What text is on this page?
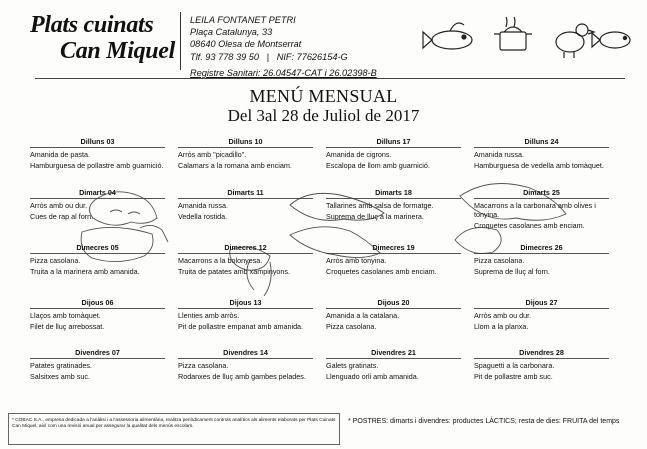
Plats cuinats
Can Miquel
LEILA FONTANET PETRI
Plaça Catalunya, 33
08640 Olesa de Montserrat
Tlf. 93 778 39 50 | NIF: 77626154-G
Registre Sanitari: 26.04547-CAT i 26.02398-B
MENÚ MENSUAL
Del 3al 28 de Juliol de 2017
Dilluns 03
Amanida de pasta.
Hamburguesa de pollastre amb guarnició.
Dimarts 04
Arròs amb ou dur.
Cues de rap al forn.
Dimecres 05
Pizza casolana.
Truita a la marinera amb amanida.
Dijous 06
Llaços amb tomàquet.
Filet de lluç arrebossat.
Divendres 07
Patates gratinades.
Salsitxes amb suc.
Dilluns 10
Arròs amb "picadillo".
Calamars a la romana amb enciam.
Dimarts 11
Amanida russa.
Vedella rostida.
Dimecres 12
Macarrons a la bolonyesa.
Truita de patates amb xampinyons.
Dijous 13
Llenties amb arròs.
Pit de pollastre empanat amb amanida.
Divendres 14
Pizza casolana.
Rodanxes de lluç amb gambes pelades.
Dilluns 17
Amanida de cigrons.
Escalopa de llom amb guarnició.
Dimarts 18
Tallarines amb salsa de formatge.
Suprema de lluç a la marinera.
Dimecres 19
Arròs amb tonyina.
Croquetes casolanes amb enciam.
Dijous 20
Amanida a la catalana.
Pizza casolana.
Divendres 21
Galets gratinats.
Llenguado orli amb amanida.
Dilluns 24
Amanida russa.
Hamburguesa de vedella amb tomàquet.
Dimarts 25
Macarrons a la carbonara amb olives i tonyina.
Croquetes casolanes amb enciam.
Dimecres 26
Pizza casolana.
Suprema de lluç al forn.
Dijous 27
Arròs amb ou dur.
Llom a la planxa.
Divendres 28
Spaguetti a la carbonara.
Pit de pollastre amb suc.
* COBAC S.A., empresa dedicada a l'anàlisi i a l'assessoria alimentària, realitza periòdicament controls analítics als aliments elaborats per Plats Cuinats Can Miquel, així com una revisió anual per assegurar la qualitat dels menús escolars.
* POSTRES: dimarts i divendres: productes LÀCTICS; resta de dies: FRUITA del temps
